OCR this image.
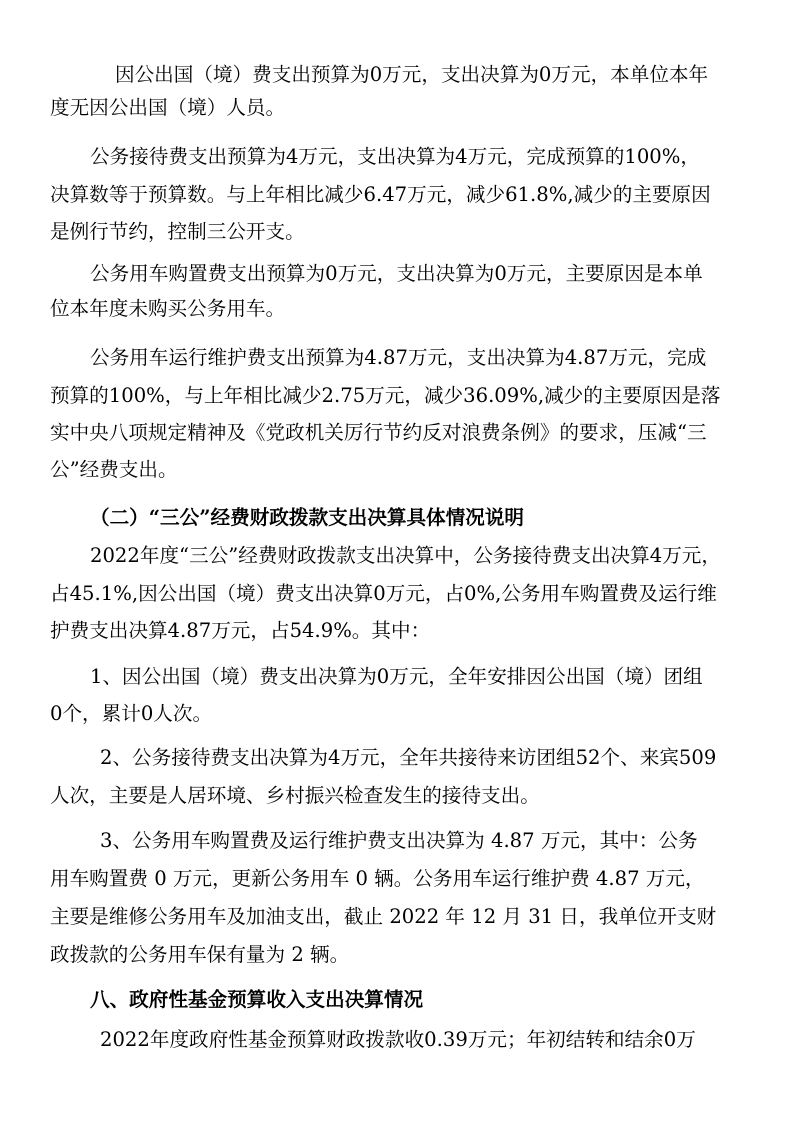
因公出国（境）费支出预算为0万元，支出决算为0万元，本单位本年
度无因公出国（境）人员。
公务接待费支出预算为4万元，支出决算为4万元，完成预算的100%，
决算数等于预算数。与上年相比减少6.47万元，减少61.8%,减少的主要原因
是例行节约，控制三公开支。
公务用车购置费支出预算为0万元，支出决算为0万元，主要原因是本单
位本年度未购买公务用车。
公务用车运行维护费支出预算为4.87万元，支出决算为4.87万元，完成
预算的100%，与上年相比减少2.75万元，减少36.09%,减少的主要原因是落
实中央八项规定精神及《党政机关厉行节约反对浪费条例》的要求，压减“三
公”经费支出。
（二）“三公”经费财政拨款支出决算具体情况说明
2022年度“三公”经费财政拨款支出决算中，公务接待费支出决算4万元，
占45.1%,因公出国（境）费支出决算0万元，占0%,公务用车购置费及运行维
护费支出决算4.87万元，占54.9%。其中：
1、因公出国（境）费支出决算为0万元，全年安排因公出国（境）团组
0个，累计0人次。
2、公务接待费支出决算为4万元，全年共接待来访团组52个、来宾509
人次，主要是人居环境、乡村振兴检查发生的接待支出。
3、公务用车购置费及运行维护费支出决算为 4.87 万元，其中：公务
用车购置费 0 万元，更新公务用车 0 辆。公务用车运行维护费 4.87 万元，
主要是维修公务用车及加油支出，截止 2022 年 12 月 31 日，我单位开支财
政拨款的公务用车保有量为 2 辆。
八、政府性基金预算收入支出决算情况
2022年度政府性基金预算财政拨款收0.39万元；年初结转和结余0万
